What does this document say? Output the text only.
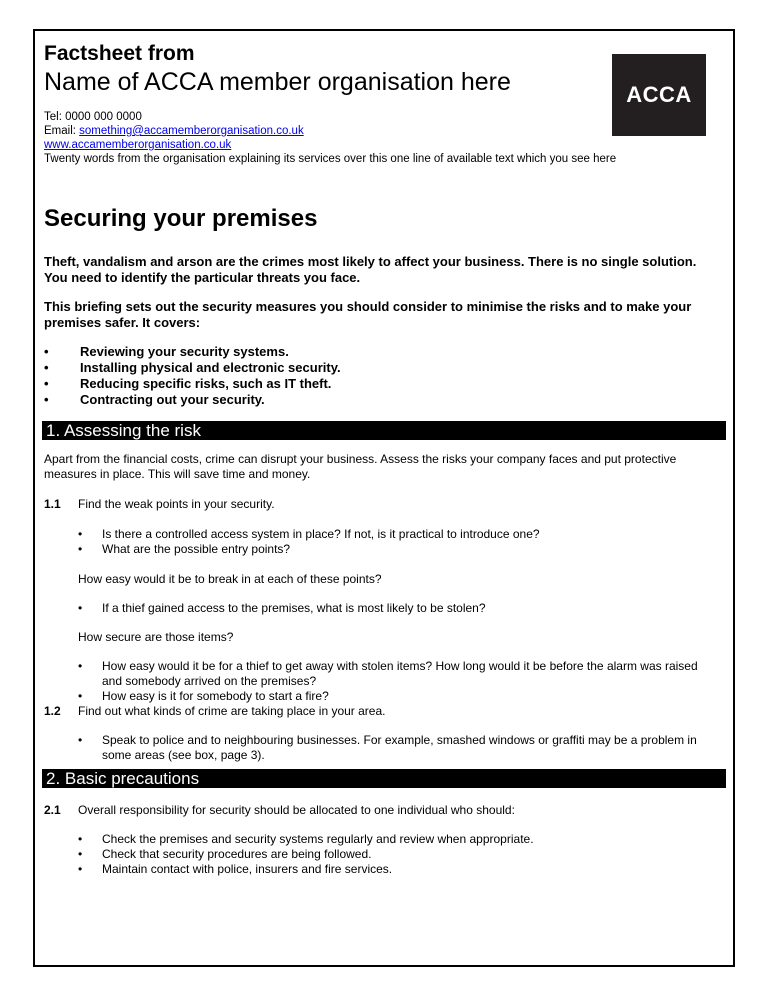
Factsheet from
Name of ACCA member organisation here	ACCA
Tel: 0000 000 0000
Email: something@accamemberorganisation.co.uk
www.accamemberorganisation.co.uk
Twenty words from the organisation explaining its services over this one line of available text which you see here
Securing your premises
Theft, vandalism and arson are the crimes most likely to affect your business. There is no single solution. You need to identify the particular threats you face.
This briefing sets out the security measures you should consider to minimise the risks and to make your premises safer. It covers:
• Reviewing your security systems.
• Installing physical and electronic security.
• Reducing specific risks, such as IT theft.
• Contracting out your security.
1. Assessing the risk
Apart from the financial costs, crime can disrupt your business. Assess the risks your company faces and put protective measures in place. This will save time and money.
1.1 Find the weak points in your security.
• Is there a controlled access system in place? If not, is it practical to introduce one?
• What are the possible entry points?
How easy would it be to break in at each of these points?
• If a thief gained access to the premises, what is most likely to be stolen?
How secure are those items?
• How easy would it be for a thief to get away with stolen items? How long would it be before the alarm was raised and somebody arrived on the premises?
• How easy is it for somebody to start a fire?
1.2 Find out what kinds of crime are taking place in your area.
• Speak to police and to neighbouring businesses. For example, smashed windows or graffiti may be a problem in some areas (see box, page 3).
2. Basic precautions
2.1 Overall responsibility for security should be allocated to one individual who should:
• Check the premises and security systems regularly and review when appropriate.
• Check that security procedures are being followed.
• Maintain contact with police, insurers and fire services.
